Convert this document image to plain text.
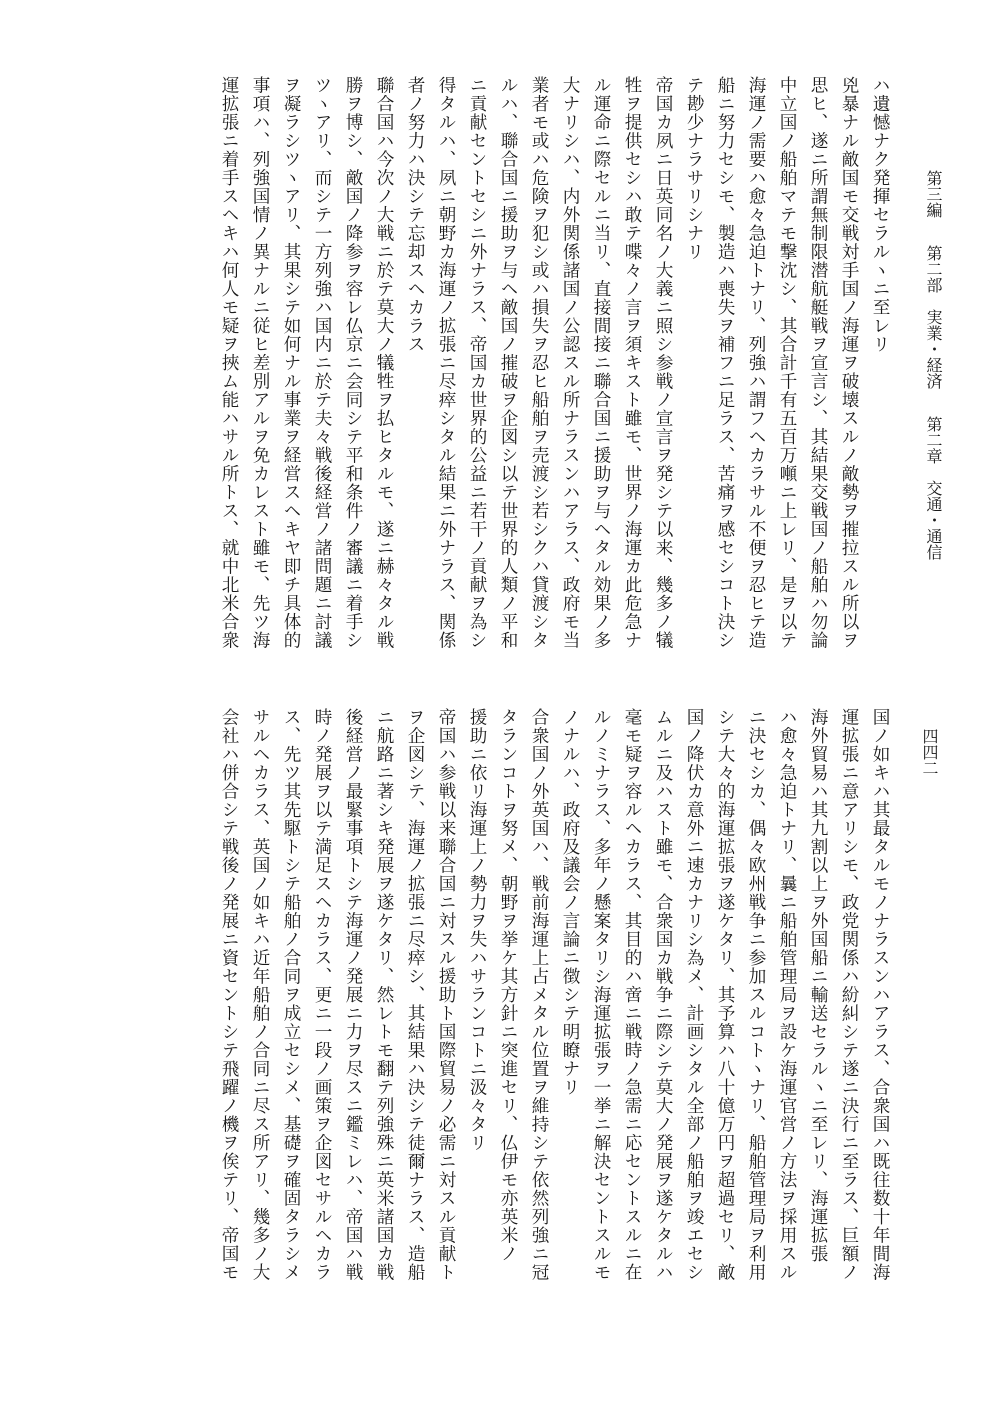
第三編 第二部　実業・経済 第二章　交通・通信
四四二
ハ遺憾ナク発揮セラルヽニ至レリ
兇暴ナル敵国モ交戦対手国ノ海運ヲ破壊スルノ敵勢ヲ摧拉スル所以ヲ
思ヒ、遂ニ所謂無制限潜航艇戦ヲ宣言シ、其結果交戦国ノ船舶ハ勿論
中立国ノ船舶マテモ撃沈シ、其合計千有五百万噸ニ上レリ、是ヲ以テ
海運ノ需要ハ愈々急迫トナリ、列強ハ謂フヘカラサル不便ヲ忍ヒテ造
船ニ努力セシモ、製造ハ喪失ヲ補フニ足ラス、苦痛ヲ感セシコト決シ
テ尠少ナラサリシナリ
帝国カ夙ニ日英同名ノ大義ニ照シ参戦ノ宣言ヲ発シテ以来、幾多ノ犠
牲ヲ提供セシハ敢テ喋々ノ言ヲ須キスト雖モ、世界ノ海運カ此危急ナ
ル運命ニ際セルニ当リ、直接間接ニ聯合国ニ援助ヲ与ヘタル効果ノ多
大ナリシハ、内外関係諸国ノ公認スル所ナラスンハアラス、政府モ当
業者モ或ハ危険ヲ犯シ或ハ損失ヲ忍ヒ船舶ヲ売渡シ若シクハ貸渡シタ
ルハ、聯合国ニ援助ヲ与ヘ敵国ノ摧破ヲ企図シ以テ世界的人類ノ平和
ニ貢献セントセシニ外ナラス、帝国カ世界的公益ニ若干ノ貢献ヲ為シ
得タルハ、夙ニ朝野カ海運ノ拡張ニ尽瘁シタル結果ニ外ナラス、関係
者ノ努力ハ決シテ忘却スヘカラス
聯合国ハ今次ノ大戦ニ於テ莫大ノ犠牲ヲ払ヒタルモ、遂ニ赫々タル戦
勝ヲ博シ、敵国ノ降参ヲ容レ仏京ニ会同シテ平和条件ノ審議ニ着手シ
ツヽアリ、而シテ一方列強ハ国内ニ於テ夫々戦後経営ノ諸問題ニ討議
ヲ凝ラシツヽアリ、其果シテ如何ナル事業ヲ経営スヘキヤ即チ具体的
事項ハ、列強国情ノ異ナルニ従ヒ差別アルヲ免カレスト雖モ、先ツ海
運拡張ニ着手スヘキハ何人モ疑ヲ挾ム能ハサル所トス、就中北米合衆
国ノ如キハ其最タルモノナラスンハアラス、合衆国ハ既往数十年間海
運拡張ニ意アリシモ、政党関係ハ紛糾シテ遂ニ決行ニ至ラス、巨額ノ
海外貿易ハ其九割以上ヲ外国船ニ輸送セラルヽニ至レリ、海運拡張
ハ愈々急迫トナリ、曩ニ船舶管理局ヲ設ケ海運官営ノ方法ヲ採用スル
ニ決セシカ、偶々欧州戦争ニ参加スルコトヽナリ、船舶管理局ヲ利用
シテ大々的海運拡張ヲ遂ケタリ、其予算ハ八十億万円ヲ超過セリ、敵
国ノ降伏カ意外ニ速カナリシ為メ、計画シタル全部ノ船舶ヲ竣エセシ
ムルニ及ハスト雖モ、合衆国カ戦争ニ際シテ莫大ノ発展ヲ遂ケタルハ
毫モ疑ヲ容ルヘカラス、其目的ハ啻ニ戦時ノ急需ニ応セントスルニ在
ルノミナラス、多年ノ懸案タリシ海運拡張ヲ一挙ニ解決セントスルモ
ノナルハ、政府及議会ノ言論ニ徴シテ明瞭ナリ
合衆国ノ外英国ハ、戦前海運上占メタル位置ヲ維持シテ依然列強ニ冠
タランコトヲ努メ、朝野ヲ挙ケ其方針ニ突進セリ、仏伊モ亦英米ノ
援助ニ依リ海運上ノ勢力ヲ失ハサランコトニ汲々タリ
帝国ハ参戦以来聯合国ニ対スル援助ト国際貿易ノ必需ニ対スル貢献ト
ヲ企図シテ、海運ノ拡張ニ尽瘁シ、其結果ハ決シテ徒爾ナラス、造船
ニ航路ニ著シキ発展ヲ遂ケタリ、然レトモ翻テ列強殊ニ英米諸国カ戦
後経営ノ最緊事項トシテ海運ノ発展ニ力ヲ尽スニ鑑ミレハ、帝国ハ戦
時ノ発展ヲ以テ満足スヘカラス、更ニ一段ノ画策ヲ企図セサルヘカラ
ス、先ツ其先駆トシテ船舶ノ合同ヲ成立セシメ、基礎ヲ確固タラシメ
サルヘカラス、英国ノ如キハ近年船舶ノ合同ニ尽ス所アリ、幾多ノ大
会社ハ併合シテ戦後ノ発展ニ資セントシテ飛躍ノ機ヲ俟テリ、帝国モ
